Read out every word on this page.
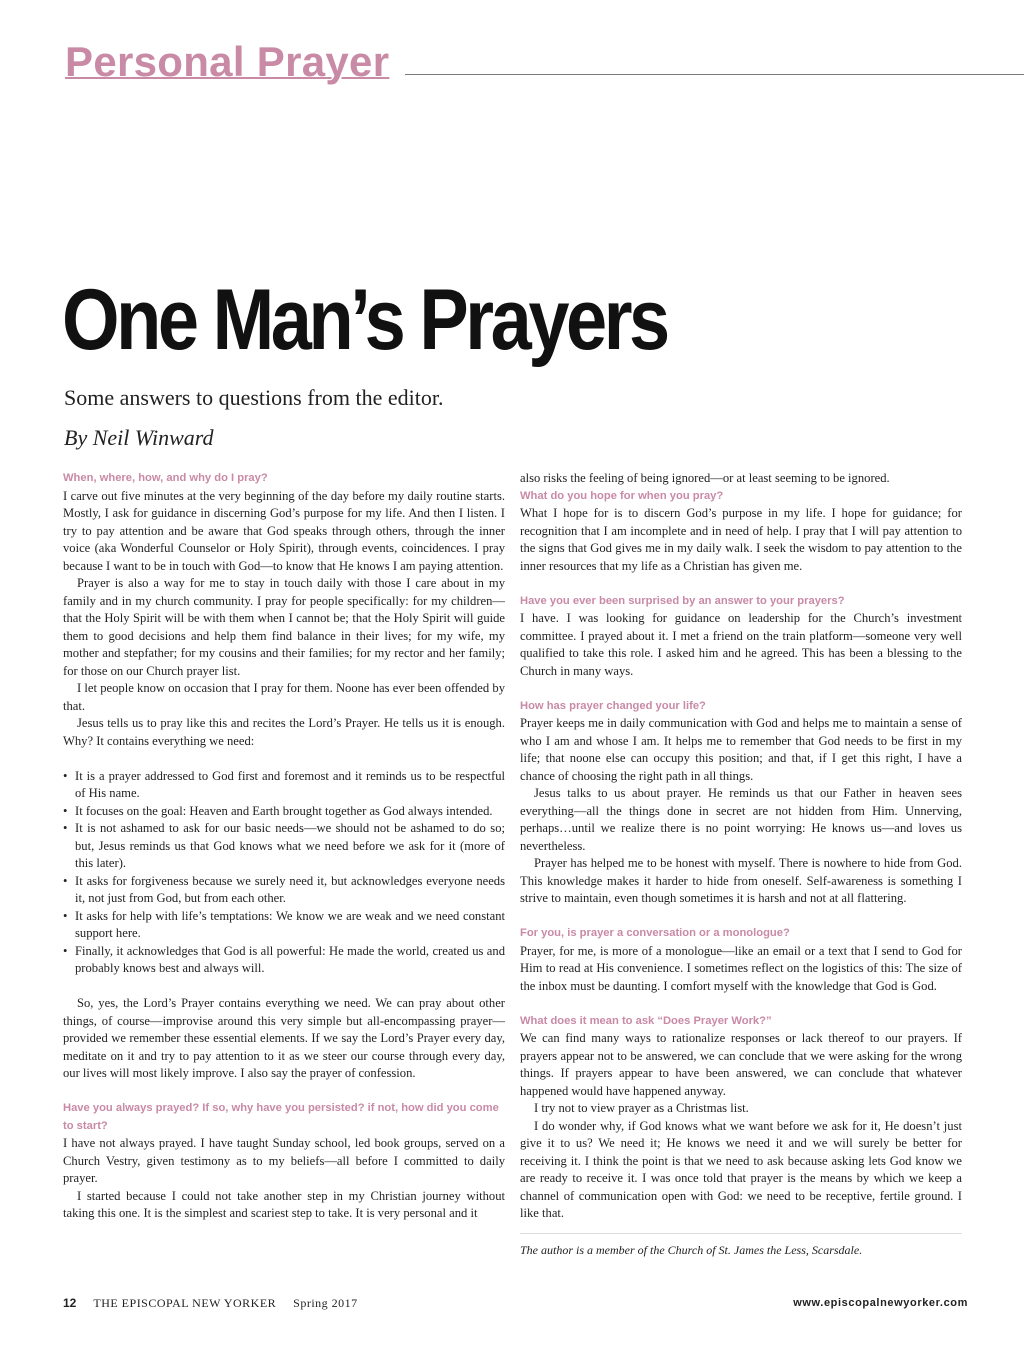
Personal Prayer
One Man’s Prayers
Some answers to questions from the editor.
By Neil Winward

When, where, how, and why do I pray?

I carve out five minutes at the very beginning of the day before my daily routine starts. Mostly, I ask for guidance in discerning God’s purpose for my life. And then I listen. I try to pay attention and be aware that God speaks through others, through the inner voice (aka Wonderful Counselor or Holy Spirit), through events, coincidences. I pray because I want to be in touch with God—to know that He knows I am paying attention.

Prayer is also a way for me to stay in touch daily with those I care about in my family and in my church community. I pray for people specifically: for my children—that the Holy Spirit will be with them when I cannot be; that the Holy Spirit will guide them to good decisions and help them find balance in their lives; for my wife, my mother and stepfather; for my cousins and their families; for my rector and her family; for those on our Church prayer list.

I let people know on occasion that I pray for them. Noone has ever been offended by that.

Jesus tells us to pray like this and recites the Lord’s Prayer. He tells us it is enough. Why? It contains everything we need:

• It is a prayer addressed to God first and foremost and it reminds us to be respectful of His name.
• It focuses on the goal: Heaven and Earth brought together as God always intended.
• It is not ashamed to ask for our basic needs—we should not be ashamed to do so; but, Jesus reminds us that God knows what we need before we ask for it (more of this later).
• It asks for forgiveness because we surely need it, but acknowledges everyone needs it, not just from God, but from each other.
• It asks for help with life’s temptations: We know we are weak and we need constant support here.
• Finally, it acknowledges that God is all powerful: He made the world, created us and probably knows best and always will.

So, yes, the Lord’s Prayer contains everything we need. We can pray about other things, of course—improvise around this very simple but all-encompassing prayer—provided we remember these essential elements. If we say the Lord’s Prayer every day, meditate on it and try to pay attention to it as we steer our course through every day, our lives will most likely improve. I also say the prayer of confession.

Have you always prayed? If so, why have you persisted? if not, how did you come to start?

I have not always prayed. I have taught Sunday school, led book groups, served on a Church Vestry, given testimony as to my beliefs—all before I committed to daily prayer.

I started because I could not take another step in my Christian journey without taking this one. It is the simplest and scariest step to take. It is very personal and it

also risks the feeling of being ignored—or at least seeming to be ignored.

What do you hope for when you pray?

What I hope for is to discern God’s purpose in my life. I hope for guidance; for recognition that I am incomplete and in need of help. I pray that I will pay attention to the signs that God gives me in my daily walk. I seek the wisdom to pay attention to the inner resources that my life as a Christian has given me.

Have you ever been surprised by an answer to your prayers?

I have. I was looking for guidance on leadership for the Church’s investment committee. I prayed about it. I met a friend on the train platform—someone very well qualified to take this role. I asked him and he agreed. This has been a blessing to the Church in many ways.

How has prayer changed your life?

Prayer keeps me in daily communication with God and helps me to maintain a sense of who I am and whose I am. It helps me to remember that God needs to be first in my life; that noone else can occupy this position; and that, if I get this right, I have a chance of choosing the right path in all things.

Jesus talks to us about prayer. He reminds us that our Father in heaven sees everything—all the things done in secret are not hidden from Him. Unnerving, perhaps…until we realize there is no point worrying: He knows us—and loves us nevertheless.

Prayer has helped me to be honest with myself. There is nowhere to hide from God. This knowledge makes it harder to hide from oneself. Self-awareness is something I strive to maintain, even though sometimes it is harsh and not at all flattering.

For you, is prayer a conversation or a monologue?

Prayer, for me, is more of a monologue—like an email or a text that I send to God for Him to read at His convenience. I sometimes reflect on the logistics of this: The size of the inbox must be daunting. I comfort myself with the knowledge that God is God.

What does it mean to ask “Does Prayer Work?”

We can find many ways to rationalize responses or lack thereof to our prayers. If prayers appear not to be answered, we can conclude that we were asking for the wrong things. If prayers appear to have been answered, we can conclude that whatever happened would have happened anyway.

I try not to view prayer as a Christmas list.

I do wonder why, if God knows what we want before we ask for it, He doesn’t just give it to us? We need it; He knows we need it and we will surely be better for receiving it. I think the point is that we need to ask because asking lets God know we are ready to receive it. I was once told that prayer is the means by which we keep a channel of communication open with God: we need to be receptive, fertile ground. I like that.

The author is a member of the Church of St. James the Less, Scarsdale.

12 THE EPISCOPAL NEW YORKER Spring 2017	www.episcopalnewyorker.com
